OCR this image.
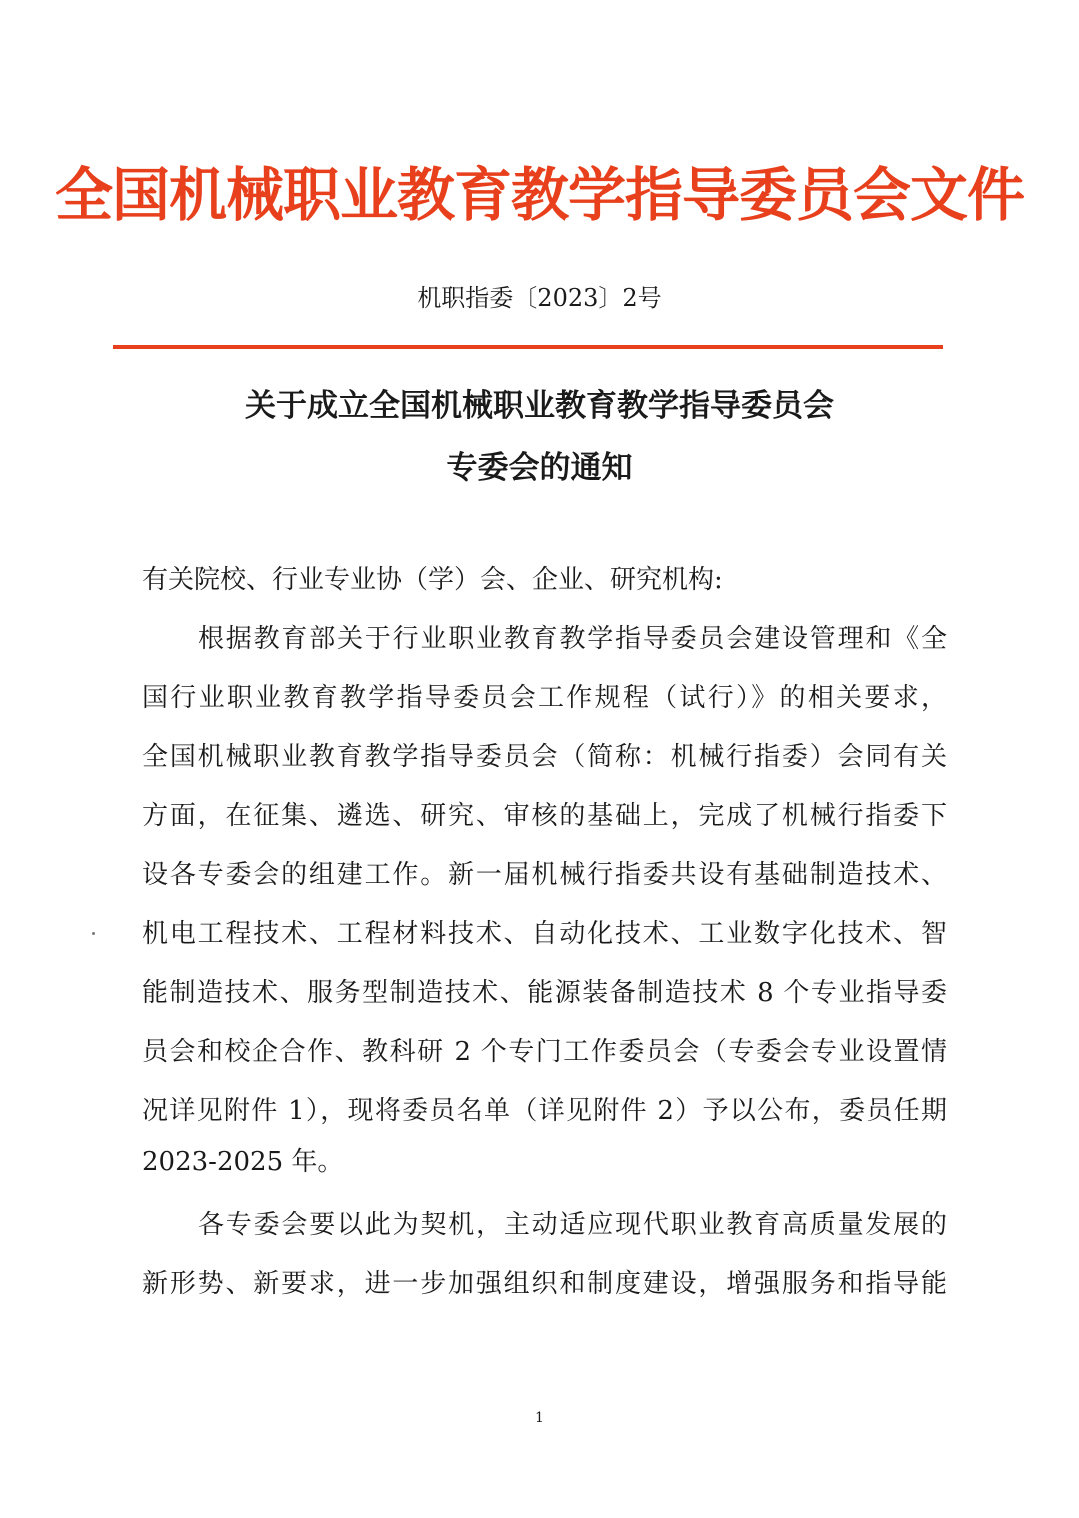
全国机械职业教育教学指导委员会文件
机职指委〔2023〕2号
关于成立全国机械职业教育教学指导委员会
专委会的通知
有关院校、行业专业协（学）会、企业、研究机构:
根据教育部关于行业职业教育教学指导委员会建设管理和《全
国行业职业教育教学指导委员会工作规程（试行）》的相关要求，
全国机械职业教育教学指导委员会（简称：机械行指委）会同有关
方面，在征集、遴选、研究、审核的基础上，完成了机械行指委下
设各专委会的组建工作。新一届机械行指委共设有基础制造技术、
机电工程技术、工程材料技术、自动化技术、工业数字化技术、智
能制造技术、服务型制造技术、能源装备制造技术 8 个专业指导委
员会和校企合作、教科研 2 个专门工作委员会（专委会专业设置情
况详见附件 1），现将委员名单（详见附件 2）予以公布，委员任期
2023-2025 年。
各专委会要以此为契机，主动适应现代职业教育高质量发展的
新形势、新要求，进一步加强组织和制度建设，增强服务和指导能
1
